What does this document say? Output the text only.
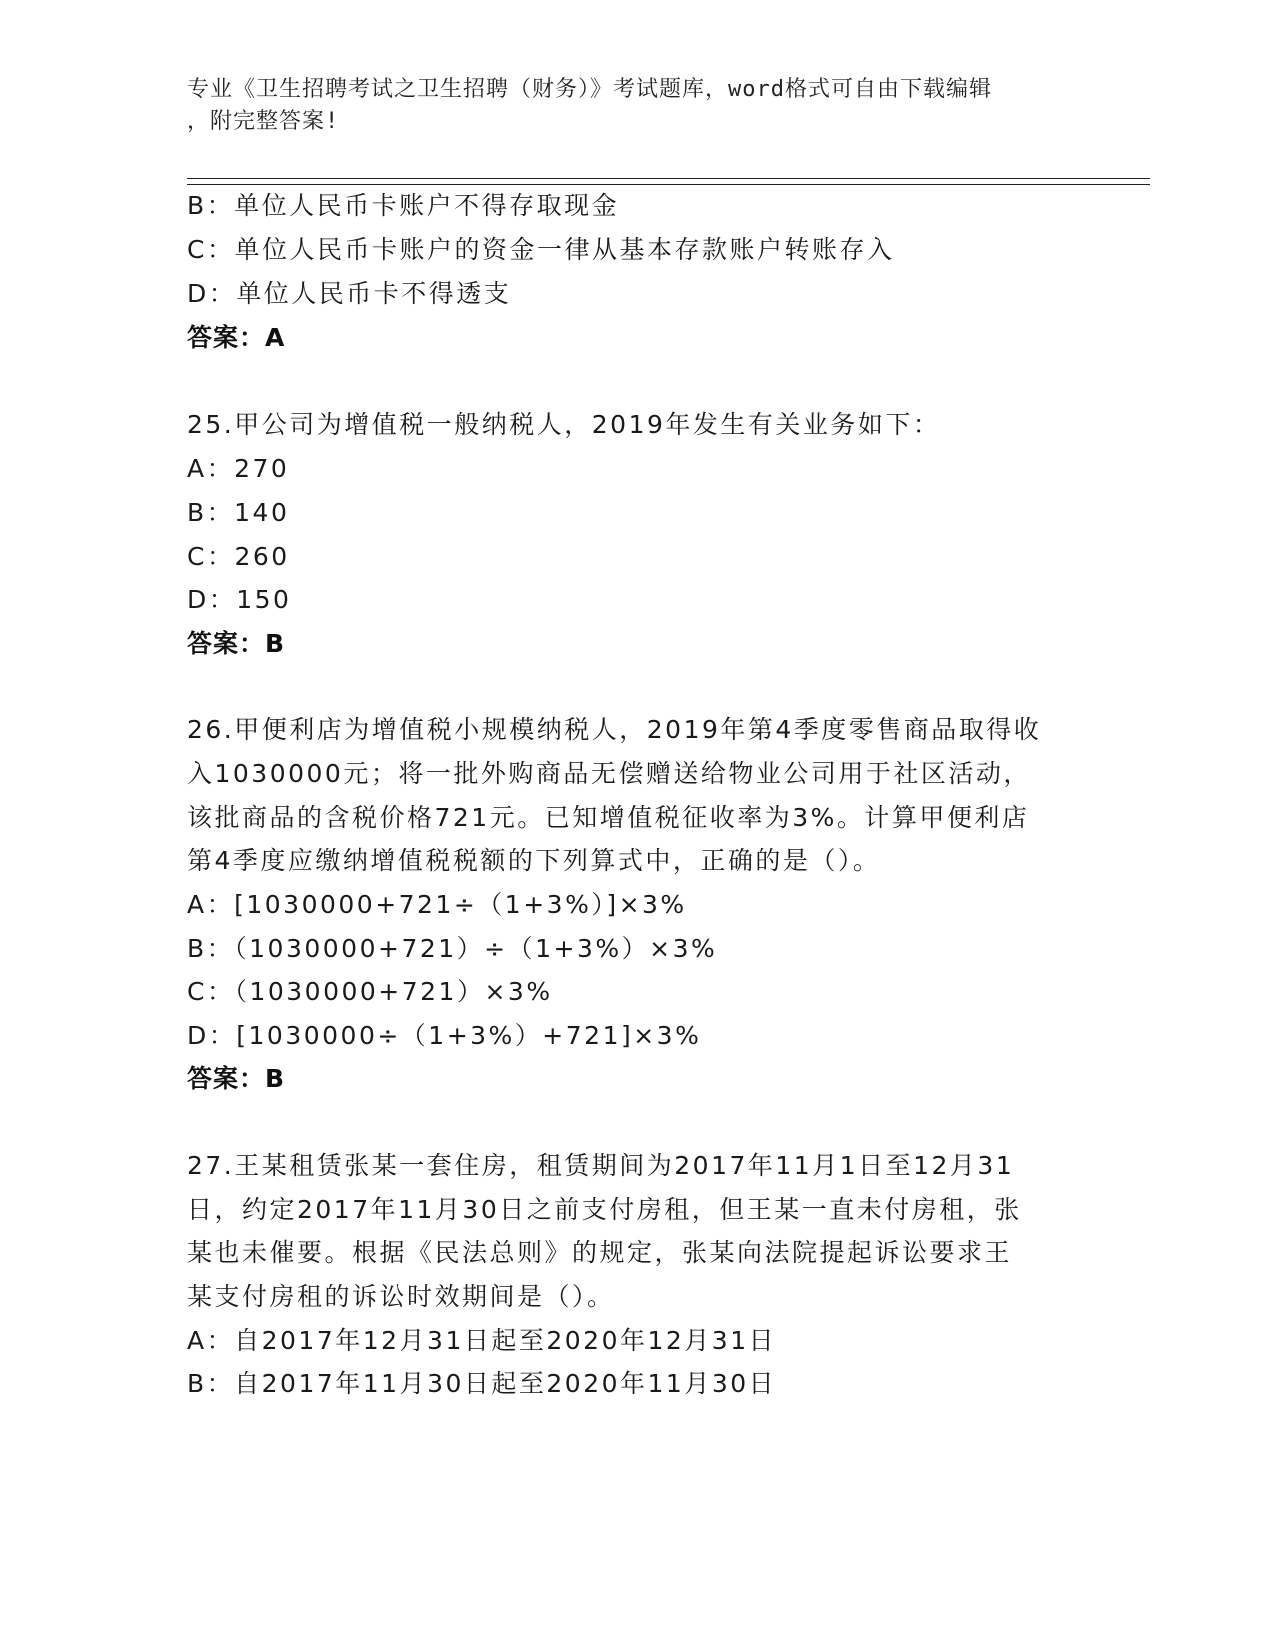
专业《卫生招聘考试之卫生招聘（财务）》考试题库，word格式可自由下载编辑
，附完整答案!
B：单位人民币卡账户不得存取现金
C：单位人民币卡账户的资金一律从基本存款账户转账存入
D：单位人民币卡不得透支
答案：A
25.甲公司为增值税一般纳税人，2019年发生有关业务如下：
A：270
B：140
C：260
D：150
答案：B
26.甲便利店为增值税小规模纳税人，2019年第4季度零售商品取得收
入1030000元；将一批外购商品无偿赠送给物业公司用于社区活动，
该批商品的含税价格721元。已知增值税征收率为3%。计算甲便利店
第4季度应缴纳增值税税额的下列算式中，正确的是（）。
A：[1030000+721÷（1+3%）]×3%
B：（1030000+721）÷（1+3%）×3%
C：（1030000+721）×3%
D：[1030000÷（1+3%）+721]×3%
答案：B
27.王某租赁张某一套住房，租赁期间为2017年11月1日至12月31
日，约定2017年11月30日之前支付房租，但王某一直未付房租，张
某也未催要。根据《民法总则》的规定，张某向法院提起诉讼要求王
某支付房租的诉讼时效期间是（）。
A：自2017年12月31日起至2020年12月31日
B：自2017年11月30日起至2020年11月30日
